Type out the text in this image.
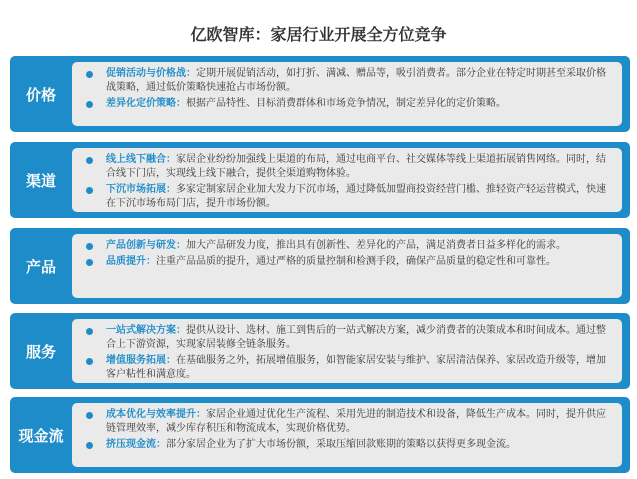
亿欧智库：家居行业开展全方位竞争
价格
促销活动与价格战：定期开展促销活动，如打折、满减、赠品等，吸引消费者。部分企业在特定时期甚至采取价格战策略，通过低价策略快速抢占市场份额。
差异化定价策略：根据产品特性、目标消费群体和市场竞争情况，制定差异化的定价策略。
渠道
线上线下融合：家居企业纷纷加强线上渠道的布局，通过电商平台、社交媒体等线上渠道拓展销售网络。同时，结合线下门店，实现线上线下融合，提供全渠道购物体验。
下沉市场拓展：多家定制家居企业加大发力下沉市场，通过降低加盟商投资经营门槛、推轻资产轻运营模式，快速在下沉市场布局门店，提升市场份额。
产品
产品创新与研发：加大产品研发力度，推出具有创新性、差异化的产品，满足消费者日益多样化的需求。
品质提升：注重产品品质的提升，通过严格的质量控制和检测手段，确保产品质量的稳定性和可靠性。
服务
一站式解决方案：提供从设计、选材、施工到售后的一站式解决方案，减少消费者的决策成本和时间成本。通过整合上下游资源，实现家居装修全链条服务。
增值服务拓展：在基础服务之外，拓展增值服务，如智能家居安装与维护、家居清洁保养、家居改造升级等，增加客户粘性和满意度。
现金流
成本优化与效率提升：家居企业通过优化生产流程、采用先进的制造技术和设备，降低生产成本。同时，提升供应链管理效率，减少库存积压和物流成本，实现价格优势。
挤压现金流：部分家居企业为了扩大市场份额，采取压缩回款账期的策略以获得更多现金流。
